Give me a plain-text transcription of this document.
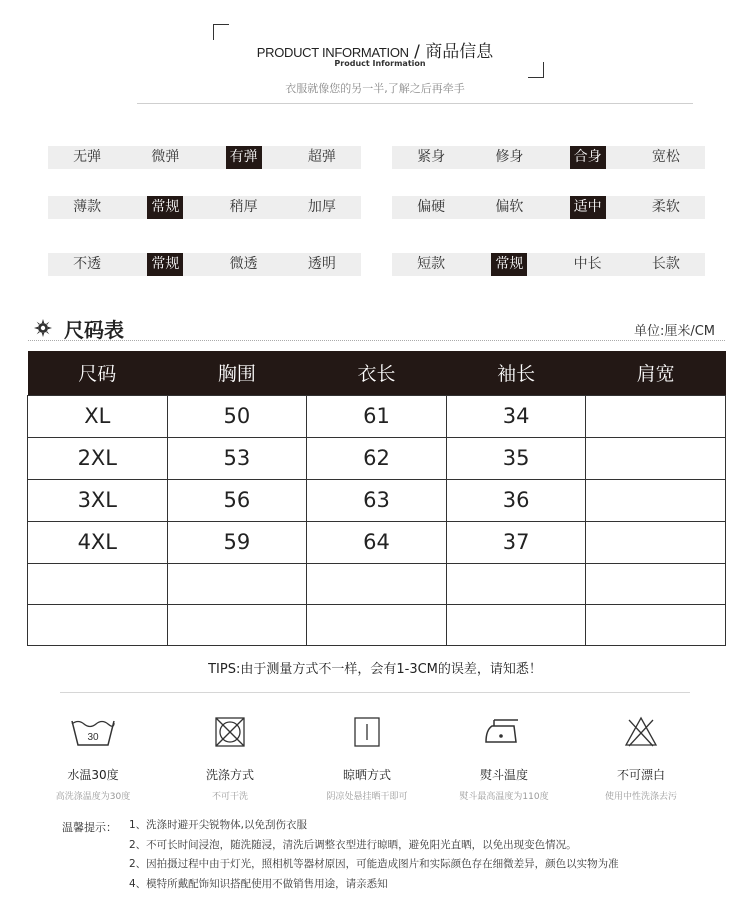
PRODUCT INFORMATION / 商品信息
Product Information
衣服就像您的另一半,了解之后再牵手
无弹	微弹	有弹	超弹	紧身	修身	合身	宽松
薄款	常规	稍厚	加厚	偏硬	偏软	适中	柔软
不透	常规	微透	透明	短款	常规	中长	长款
尺码表	单位:厘米/CM
尺码	胸围	衣长	袖长	肩宽
XL	50	61	34	
2XL	53	62	35	
3XL	56	63	36	
4XL	59	64	37	

TIPS:由于测量方式不一样，会有1-3CM的误差，请知悉！
30
水温30度
高洗涤温度为30度
洗涤方式
不可干洗
晾晒方式
阴凉处悬挂晒干即可
熨斗温度
熨斗最高温度为110度
不可漂白
使用中性洗涤去污
温馨提示： 1、洗涤时避开尖锐物体,以免刮伤衣服
2、不可长时间浸泡，随洗随浸，清洗后调整衣型进行晾晒，避免阳光直晒，以免出现变色情况。
2、因拍摄过程中由于灯光，照相机等器材原因，可能造成图片和实际颜色存在细微差异，颜色以实物为准
4、模特所戴配饰知识搭配使用不做销售用途，请亲悉知
